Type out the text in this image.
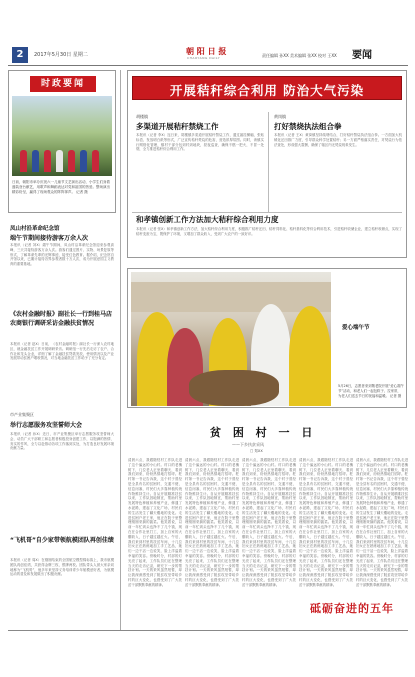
2	2017年5月30日 星期二	朝 阳 日 报
CHAOYANG DAILY	责任编辑 孙XX 美术编辑 张XX 校对 王XX 要闻
时政要闻
日前，朝阳市举办庆祝六一儿童节文艺演出活动，小学生们身着盛装登台献艺，用歌声和舞蹈表达对党和祖国的热爱。整场演出精彩纷呈，赢得了现场观众的阵阵掌声。 记者 摄
凤山村沿革命纪念馆
端午节期间接待游客万余人次
本报讯（记者 刘X）端午节期间，凤山村沿革命纪念馆迎来参观高峰，三天共接待游客万余人次。游客们通过图片、实物、场景复原等形式，了解革命先辈的光辉事迹，接受红色教育。据介绍，纪念馆自开馆以来，已累计接待各界参观者数十万人次，成为开展爱国主义教育的重要基地。
《农村金融时报》副社长一行到桂马店农商银行调研采访金融扶贫情况
本报讯（记者 赵X）日前，《农村金融时报》副社长一行深入农村地区，就金融扶贫工作开展调研采访。调研组一行先后走访了农户、合作社和龙头企业，详细了解了金融扶贫贷款发放、使用情况以及产业发展带动贫困户增收情况，对当地金融扶贫工作给予了充分肯定。
市产业集聚区
举行志愿服务攻坚誓师大会
本报讯（记者 孙X）近日，市产业集聚区举行志愿服务攻坚誓师大会，动员广大干部职工和志愿者积极投身创建工作，以饱满的热情、务实的作风，全力以赴推动各项工作落到实处，为打造良好发展环境贡献力量。
“飞机哥”自少家带领航模团队再创佳绩
本报讯（记者 周X）在刚刚结束的全国航空模型锦标赛上，我市航模团队再创佳绩，共获得金牌三枚、银牌两枚。团队带头人被大家亲切地称为“飞机哥”，他多年来坚持义务培训青少年航模爱好者，为航模运动的普及和发展做出了积极贡献。
开展秸秆综合利用 防治大气污染
胡楼镇
多渠道开展秸秆禁烧工作
本报讯（记者 李X）连日来，胡楼镇多渠道开展秸秆禁烧工作，通过悬挂横幅、张贴标语、发放明白纸等形式，广泛宣传秸秆焚烧的危害，营造浓厚氛围。同时，该镇实行网格化管理，镇村干部分包到村到地块，昼夜巡查，确保不燃一把火，不冒一处烟，全力推进秸秆综合利用工作。
黄岗镇
打好禁烧执法组合拳
本报讯（记者 王X）黄岗镇坚持疏堵结合，打好秸秆禁烧执法组合拳。一方面加大机械化还田推广力度，引导群众科学处置秸秆；另一方面严格落实责任，对焚烧行为依法查处，形成强大震慑，确保了辖区内无焚烧现象发生。
和孝镇创新工作方法加大秸秆综合利用力度
本报讯（记者 张X）和孝镇创新工作方法，加大秸秆综合利用力度，积极推广秸秆还田、秸秆饲料化、秸秆基料化等综合利用技术，引进秸秆收储企业，建立秸秆收储点，实现了秸秆变废为宝，既保护了环境，又增加了群众收入，受到广大农户的一致好评。
爱心端午节
5月26日，志愿者来到敬老院开展“爱心端午节”活动，和老人们一起包粽子、拉家常，为老人们送去节日的祝福和温暖。 记者 摄
贫 困 村 一 日
——下乡扶贫采风
□ 郑XX
清晨六点，我跟随驻村工作队走进了这个偏远的小山村。村口的老槐树下，几位老人正坐着聊天，看到我们到来，纷纷热情地打招呼。驻村第一书记告诉我，这个村子曾经是全县有名的贫困村，交通不便，信息闭塞，村民们大多靠种植传统作物维持生计。自从开展精准扶贫以来，工作队因地制宜，帮助村里发展特色种植和养殖产业，修通了水泥路，建起了文化广场，村民们的生活发生了翻天覆地的变化。走进贫困户老王家，他正在院子里整理刚刚采摘的蔬菜。他笑着说，以前一年忙到头也挣不了几个钱，现在在合作社里打工，加上自家的大棚收入，日子越过越红火。午后，我们来到村里的扶贫车间，十几位妇女正在熟练地加工手工艺品，她们一边干活一边说笑，脸上洋溢着幸福的笑容。傍晚时分，村部的灯光亮了起来，工作队员们还在整理当天的走访记录，研究下一步的帮扶计划。一天的采风虽然短暂，却让我深深感受到了脱贫攻坚带给乡村的巨大变化，也感受到了广大扶贫干部默默奉献的精神。
清晨六点，我跟随驻村工作队走进了这个偏远的小山村。村口的老槐树下，几位老人正坐着聊天，看到我们到来，纷纷热情地打招呼。驻村第一书记告诉我，这个村子曾经是全县有名的贫困村，交通不便，信息闭塞，村民们大多靠种植传统作物维持生计。自从开展精准扶贫以来，工作队因地制宜，帮助村里发展特色种植和养殖产业，修通了水泥路，建起了文化广场，村民们的生活发生了翻天覆地的变化。走进贫困户老王家，他正在院子里整理刚刚采摘的蔬菜。他笑着说，以前一年忙到头也挣不了几个钱，现在在合作社里打工，加上自家的大棚收入，日子越过越红火。午后，我们来到村里的扶贫车间，十几位妇女正在熟练地加工手工艺品，她们一边干活一边说笑，脸上洋溢着幸福的笑容。傍晚时分，村部的灯光亮了起来，工作队员们还在整理当天的走访记录，研究下一步的帮扶计划。一天的采风虽然短暂，却让我深深感受到了脱贫攻坚带给乡村的巨大变化，也感受到了广大扶贫干部默默奉献的精神。
清晨六点，我跟随驻村工作队走进了这个偏远的小山村。村口的老槐树下，几位老人正坐着聊天，看到我们到来，纷纷热情地打招呼。驻村第一书记告诉我，这个村子曾经是全县有名的贫困村，交通不便，信息闭塞，村民们大多靠种植传统作物维持生计。自从开展精准扶贫以来，工作队因地制宜，帮助村里发展特色种植和养殖产业，修通了水泥路，建起了文化广场，村民们的生活发生了翻天覆地的变化。走进贫困户老王家，他正在院子里整理刚刚采摘的蔬菜。他笑着说，以前一年忙到头也挣不了几个钱，现在在合作社里打工，加上自家的大棚收入，日子越过越红火。午后，我们来到村里的扶贫车间，十几位妇女正在熟练地加工手工艺品，她们一边干活一边说笑，脸上洋溢着幸福的笑容。傍晚时分，村部的灯光亮了起来，工作队员们还在整理当天的走访记录，研究下一步的帮扶计划。一天的采风虽然短暂，却让我深深感受到了脱贫攻坚带给乡村的巨大变化，也感受到了广大扶贫干部默默奉献的精神。
清晨六点，我跟随驻村工作队走进了这个偏远的小山村。村口的老槐树下，几位老人正坐着聊天，看到我们到来，纷纷热情地打招呼。驻村第一书记告诉我，这个村子曾经是全县有名的贫困村，交通不便，信息闭塞，村民们大多靠种植传统作物维持生计。自从开展精准扶贫以来，工作队因地制宜，帮助村里发展特色种植和养殖产业，修通了水泥路，建起了文化广场，村民们的生活发生了翻天覆地的变化。走进贫困户老王家，他正在院子里整理刚刚采摘的蔬菜。他笑着说，以前一年忙到头也挣不了几个钱，现在在合作社里打工，加上自家的大棚收入，日子越过越红火。午后，我们来到村里的扶贫车间，十几位妇女正在熟练地加工手工艺品，她们一边干活一边说笑，脸上洋溢着幸福的笑容。傍晚时分，村部的灯光亮了起来，工作队员们还在整理当天的走访记录，研究下一步的帮扶计划。一天的采风虽然短暂，却让我深深感受到了脱贫攻坚带给乡村的巨大变化，也感受到了广大扶贫干部默默奉献的精神。
清晨六点，我跟随驻村工作队走进了这个偏远的小山村。村口的老槐树下，几位老人正坐着聊天，看到我们到来，纷纷热情地打招呼。驻村第一书记告诉我，这个村子曾经是全县有名的贫困村，交通不便，信息闭塞，村民们大多靠种植传统作物维持生计。自从开展精准扶贫以来，工作队因地制宜，帮助村里发展特色种植和养殖产业，修通了水泥路，建起了文化广场，村民们的生活发生了翻天覆地的变化。走进贫困户老王家，他正在院子里整理刚刚采摘的蔬菜。他笑着说，以前一年忙到头也挣不了几个钱，现在在合作社里打工，加上自家的大棚收入，日子越过越红火。午后，我们来到村里的扶贫车间，十几位妇女正在熟练地加工手工艺品，她们一边干活一边说笑，脸上洋溢着幸福的笑容。傍晚时分，村部的灯光亮了起来，工作队员们还在整理当天的走访记录，研究下一步的帮扶计划。一天的采风虽然短暂，却让我深深感受到了脱贫攻坚带给乡村的巨大变化，也感受到了广大扶贫干部默默奉献的精神。
砥砺奋进的五年
